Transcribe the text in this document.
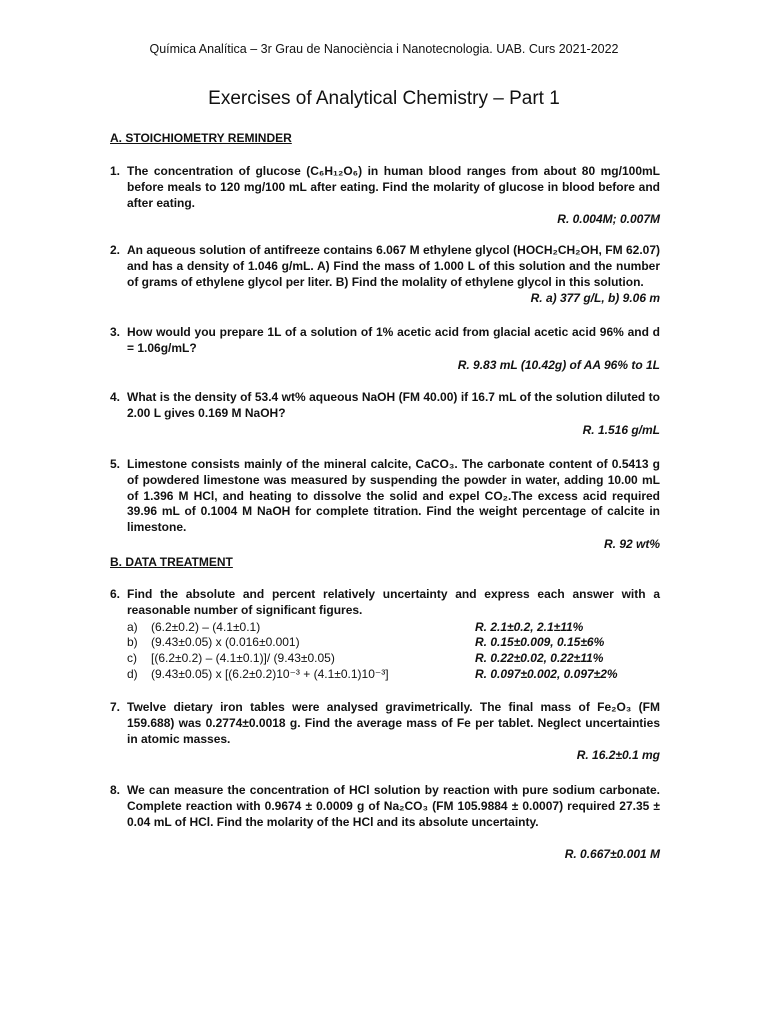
Química Analítica – 3r Grau de Nanociència i Nanotecnologia. UAB. Curs 2021-2022
Exercises of Analytical Chemistry – Part 1
A. STOICHIOMETRY REMINDER
1. The concentration of glucose (C₆H₁₂O₆) in human blood ranges from about 80 mg/100mL before meals to 120 mg/100 mL after eating. Find the molarity of glucose in blood before and after eating.
R. 0.004M; 0.007M
2. An aqueous solution of antifreeze contains 6.067 M ethylene glycol (HOCH₂CH₂OH, FM 62.07) and has a density of 1.046 g/mL. A) Find the mass of 1.000 L of this solution and the number of grams of ethylene glycol per liter. B) Find the molality of ethylene glycol in this solution.
R. a) 377 g/L, b) 9.06 m
3. How would you prepare 1L of a solution of 1% acetic acid from glacial acetic acid 96% and d = 1.06g/mL?
R. 9.83 mL (10.42g) of AA 96% to 1L
4. What is the density of 53.4 wt% aqueous NaOH (FM 40.00) if 16.7 mL of the solution diluted to 2.00 L gives 0.169 M NaOH?
R. 1.516 g/mL
5. Limestone consists mainly of the mineral calcite, CaCO₃. The carbonate content of 0.5413 g of powdered limestone was measured by suspending the powder in water, adding 10.00 mL of 1.396 M HCl, and heating to dissolve the solid and expel CO₂.The excess acid required 39.96 mL of 0.1004 M NaOH for complete titration. Find the weight percentage of calcite in limestone.
R. 92 wt%
B. DATA TREATMENT
6. Find the absolute and percent relatively uncertainty and express each answer with a reasonable number of significant figures.
a) (6.2±0.2) – (4.1±0.1)	R. 2.1±0.2, 2.1±11%
b) (9.43±0.05) x (0.016±0.001)	R. 0.15±0.009, 0.15±6%
c) [(6.2±0.2) – (4.1±0.1)]/ (9.43±0.05)	R. 0.22±0.02, 0.22±11%
d) (9.43±0.05) x [(6.2±0.2)10⁻³ + (4.1±0.1)10⁻³]	R. 0.097±0.002, 0.097±2%
7. Twelve dietary iron tables were analysed gravimetrically. The final mass of Fe₂O₃ (FM 159.688) was 0.2774±0.0018 g. Find the average mass of Fe per tablet. Neglect uncertainties in atomic masses.
R. 16.2±0.1 mg
8. We can measure the concentration of HCl solution by reaction with pure sodium carbonate. Complete reaction with 0.9674 ± 0.0009 g of Na₂CO₃ (FM 105.9884 ± 0.0007) required 27.35 ± 0.04 mL of HCl. Find the molarity of the HCl and its absolute uncertainty.
R. 0.667±0.001 M
